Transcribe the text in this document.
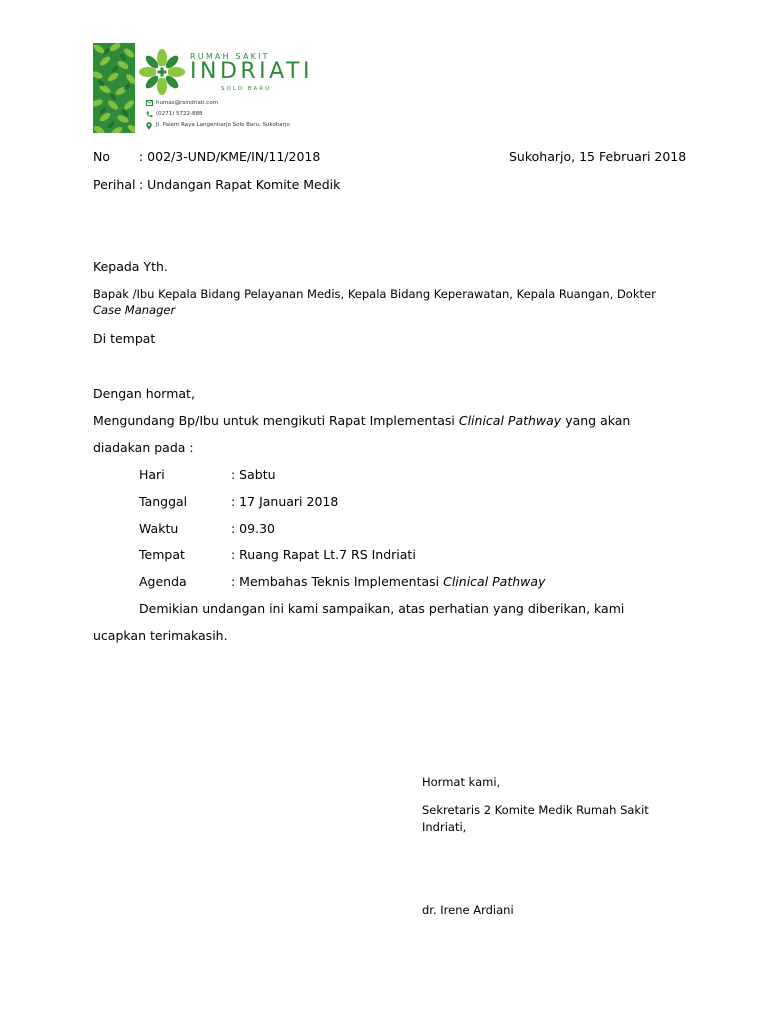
RUMAH SAKIT
INDRIATI
SOLO BARU
humas@rsindriati.com
(0271) 5722-888
Jl. Palem Raya Langenharjo Solo Baru, Sukoharjo
No : 002/3-UND/KME/IN/11/2018	Sukoharjo, 15 Februari 2018
Perihal : Undangan Rapat Komite Medik
Kepada Yth.
Bapak /Ibu Kepala Bidang Pelayanan Medis, Kepala Bidang Keperawatan, Kepala Ruangan, Dokter
Case Manager
Di tempat
Dengan hormat,
Mengundang Bp/Ibu untuk mengikuti Rapat Implementasi Clinical Pathway yang akan
diadakan pada :
Hari	: Sabtu
Tanggal	: 17 Januari 2018
Waktu	: 09.30
Tempat	: Ruang Rapat Lt.7 RS Indriati
Agenda	: Membahas Teknis Implementasi Clinical Pathway
Demikian undangan ini kami sampaikan, atas perhatian yang diberikan, kami
ucapkan terimakasih.
Hormat kami,
Sekretaris 2 Komite Medik Rumah Sakit
Indriati,
dr. Irene Ardiani
